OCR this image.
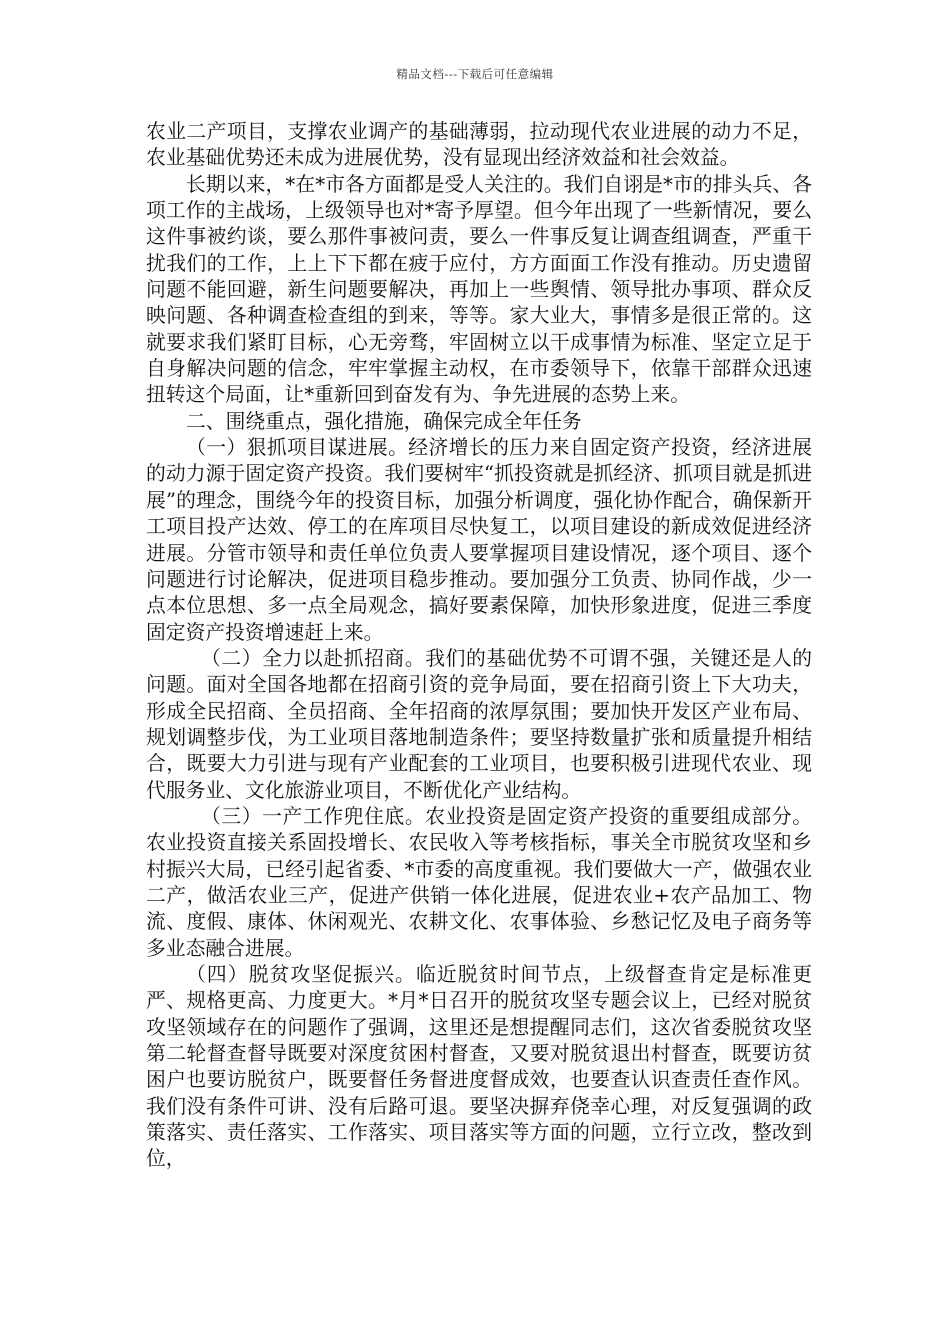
精品文档---下载后可任意编辑

农业二产项目，支撑农业调产的基础薄弱，拉动现代农业进展的动力不足，农业基础优势还未成为进展优势，没有显现出经济效益和社会效益。

长期以来，*在*市各方面都是受人关注的。我们自诩是*市的排头兵、各项工作的主战场，上级领导也对*寄予厚望。但今年出现了一些新情况，要么这件事被约谈，要么那件事被问责，要么一件事反复让调查组调查，严重干扰我们的工作，上上下下都在疲于应付，方方面面工作没有推动。历史遗留问题不能回避，新生问题要解决，再加上一些舆情、领导批办事项、群众反映问题、各种调查检查组的到来，等等。家大业大，事情多是很正常的。这就要求我们紧盯目标，心无旁骛，牢固树立以干成事情为标准、坚定立足于自身解决问题的信念，牢牢掌握主动权，在市委领导下，依靠干部群众迅速扭转这个局面，让*重新回到奋发有为、争先进展的态势上来。

二、围绕重点，强化措施，确保完成全年任务

（一）狠抓项目谋进展。经济增长的压力来自固定资产投资，经济进展的动力源于固定资产投资。我们要树牢“抓投资就是抓经济、抓项目就是抓进展”的理念，围绕今年的投资目标，加强分析调度，强化协作配合，确保新开工项目投产达效、停工的在库项目尽快复工，以项目建设的新成效促进经济进展。分管市领导和责任单位负责人要掌握项目建设情况，逐个项目、逐个问题进行讨论解决，促进项目稳步推动。要加强分工负责、协同作战，少一点本位思想、多一点全局观念，搞好要素保障，加快形象进度，促进三季度固定资产投资增速赶上来。

（二）全力以赴抓招商。我们的基础优势不可谓不强，关键还是人的问题。面对全国各地都在招商引资的竞争局面，要在招商引资上下大功夫，形成全民招商、全员招商、全年招商的浓厚氛围；要加快开发区产业布局、规划调整步伐，为工业项目落地制造条件；要坚持数量扩张和质量提升相结合，既要大力引进与现有产业配套的工业项目，也要积极引进现代农业、现代服务业、文化旅游业项目，不断优化产业结构。

（三）一产工作兜住底。农业投资是固定资产投资的重要组成部分。农业投资直接关系固投增长、农民收入等考核指标，事关全市脱贫攻坚和乡村振兴大局，已经引起省委、*市委的高度重视。我们要做大一产，做强农业二产，做活农业三产，促进产供销一体化进展，促进农业+农产品加工、物流、度假、康体、休闲观光、农耕文化、农事体验、乡愁记忆及电子商务等多业态融合进展。

（四）脱贫攻坚促振兴。临近脱贫时间节点，上级督查肯定是标准更严、规格更高、力度更大。*月*日召开的脱贫攻坚专题会议上，已经对脱贫攻坚领域存在的问题作了强调，这里还是想提醒同志们，这次省委脱贫攻坚第二轮督查督导既要对深度贫困村督查，又要对脱贫退出村督查，既要访贫困户也要访脱贫户，既要督任务督进度督成效，也要查认识查责任查作风。我们没有条件可讲、没有后路可退。要坚决摒弃侥幸心理，对反复强调的政策落实、责任落实、工作落实、项目落实等方面的问题，立行立改，整改到位，
